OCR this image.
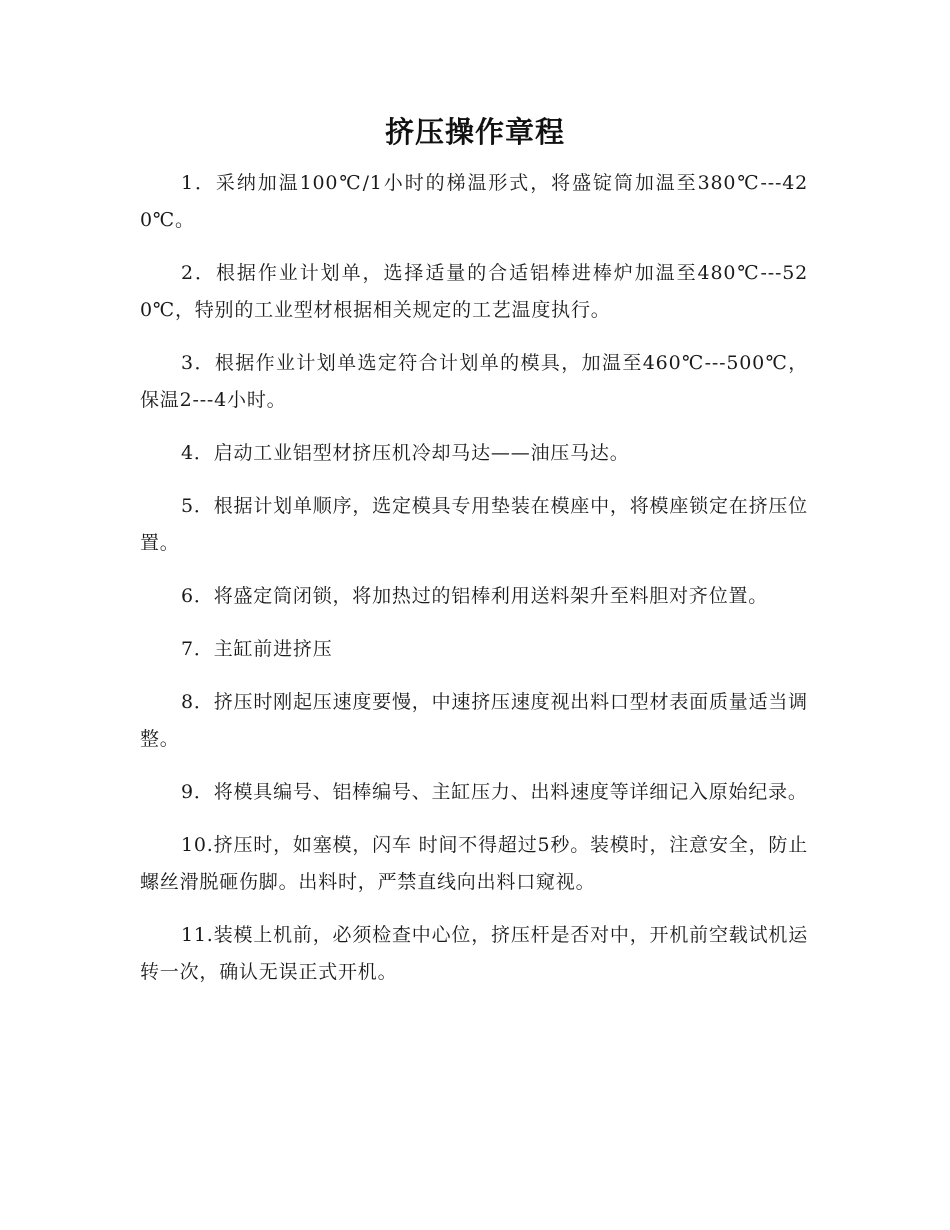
挤压操作章程

1．采纳加温100℃/1小时的梯温形式，将盛锭筒加温至380℃---420℃。

2．根据作业计划单，选择适量的合适铝棒进棒炉加温至480℃---520℃，特别的工业型材根据相关规定的工艺温度执行。

3．根据作业计划单选定符合计划单的模具，加温至460℃---500℃，保温2---4小时。

4．启动工业铝型材挤压机冷却马达——油压马达。

5．根据计划单顺序，选定模具专用垫装在模座中，将模座锁定在挤压位置。

6．将盛定筒闭锁，将加热过的铝棒利用送料架升至料胆对齐位置。

7．主缸前进挤压

8．挤压时刚起压速度要慢，中速挤压速度视出料口型材表面质量适当调整。

9．将模具编号、铝棒编号、主缸压力、出料速度等详细记入原始纪录。

10.挤压时，如塞模，闪车 时间不得超过5秒。装模时，注意安全，防止螺丝滑脱砸伤脚。出料时，严禁直线向出料口窥视。

11.装模上机前，必须检查中心位，挤压杆是否对中，开机前空载试机运转一次，确认无误正式开机。
